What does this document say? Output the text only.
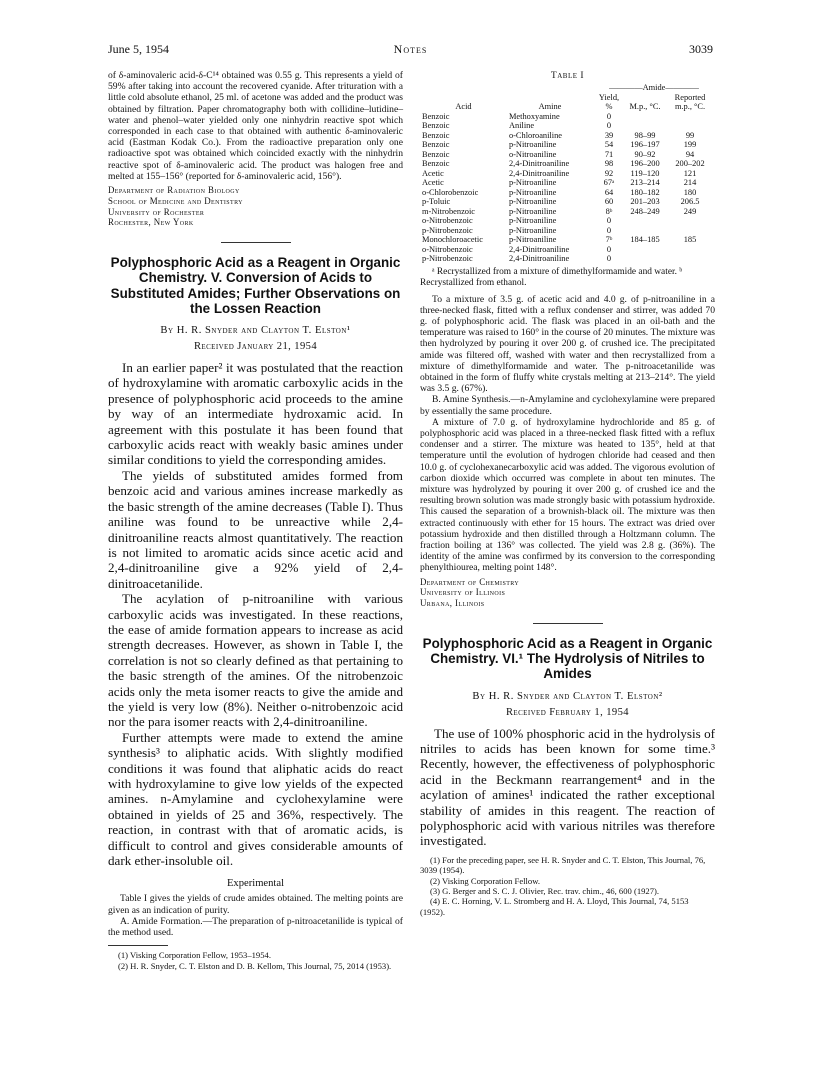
June 5, 1954	Notes	3039

of δ-aminovaleric acid-δ-C¹⁴ obtained was 0.55 g. This represents a yield of 59% after taking into account the recovered cyanide. After trituration with a little cold absolute ethanol, 25 ml. of acetone was added and the product was obtained by filtration. Paper chromatography both with collidine–lutidine–water and phenol–water yielded only one ninhydrin reactive spot which corresponded in each case to that obtained with authentic δ-aminovaleric acid (Eastman Kodak Co.). From the radioactive preparation only one radioactive spot was obtained which coincided exactly with the ninhydrin reactive spot of δ-aminovaleric acid. The product was halogen free and melted at 155–156° (reported for δ-aminovaleric acid, 156°).

Department of Radiation Biology
School of Medicine and Dentistry
University of Rochester
Rochester, New York
Polyphosphoric Acid as a Reagent in Organic Chemistry. V. Conversion of Acids to Substituted Amides; Further Observations on the Lossen Reaction
By H. R. Snyder and Clayton T. Elston¹
Received January 21, 1954

In an earlier paper² it was postulated that the reaction of hydroxylamine with aromatic carboxylic acids in the presence of polyphosphoric acid proceeds to the amine by way of an intermediate hydroxamic acid. In agreement with this postulate it has been found that carboxylic acids react with weakly basic amines under similar conditions to yield the corresponding amides.

The yields of substituted amides formed from benzoic acid and various amines increase markedly as the basic strength of the amine decreases (Table I). Thus aniline was found to be unreactive while 2,4-dinitroaniline reacts almost quantitatively. The reaction is not limited to aromatic acids since acetic acid and 2,4-dinitroaniline give a 92% yield of 2,4-dinitroacetanilide.

The acylation of p-nitroaniline with various carboxylic acids was investigated. In these reactions, the ease of amide formation appears to increase as acid strength decreases. However, as shown in Table I, the correlation is not so clearly defined as that pertaining to the basic strength of the amines. Of the nitrobenzoic acids only the meta isomer reacts to give the amide and the yield is very low (8%). Neither o-nitrobenzoic acid nor the para isomer reacts with 2,4-dinitroaniline.

Further attempts were made to extend the amine synthesis³ to aliphatic acids. With slightly modified conditions it was found that aliphatic acids do react with hydroxylamine to give low yields of the expected amines. n-Amylamine and cyclohexylamine were obtained in yields of 25 and 36%, respectively. The reaction, in contrast with that of aromatic acids, is difficult to control and gives considerable amounts of dark ether-insoluble oil.

Experimental

Table I gives the yields of crude amides obtained. The melting points are given as an indication of purity.

A. Amide Formation.—The preparation of p-nitroacetanilide is typical of the method used.

(1) Visking Corporation Fellow, 1953–1954.
(2) H. R. Snyder, C. T. Elston and D. B. Kellom, This Journal, 75, 2014 (1953).
Table I
		————Amide————		
Acid	Amine	Yield, %	M.p., °C.	Reported m.p., °C.
Benzoic	Methoxyamine	0		
Benzoic	Aniline	0		
Benzoic	o-Chloroaniline	39	98–99	99
Benzoic	p-Nitroaniline	54	196–197	199
Benzoic	o-Nitroaniline	71	90–92	94
Benzoic	2,4-Dinitroaniline	98	196–200	200–202
Acetic	2,4-Dinitroaniline	92	119–120	121
Acetic	p-Nitroaniline	67ᵃ	213–214	214
o-Chlorobenzoic	p-Nitroaniline	64	180–182	180
p-Toluic	p-Nitroaniline	60	201–203	206.5
m-Nitrobenzoic	p-Nitroaniline	8ᵇ	248–249	249
o-Nitrobenzoic	p-Nitroaniline	0		
p-Nitrobenzoic	p-Nitroaniline	0		
Monochloroacetic	p-Nitroaniline	7ᵇ	184–185	185
o-Nitrobenzoic	2,4-Dinitroaniline	0		
p-Nitrobenzoic	2,4-Dinitroaniline	0		
ᵃ Recrystallized from a mixture of dimethylformamide and water. ᵇ Recrystallized from ethanol.

To a mixture of 3.5 g. of acetic acid and 4.0 g. of p-nitroaniline in a three-necked flask, fitted with a reflux condenser and stirrer, was added 70 g. of polyphosphoric acid. The flask was placed in an oil-bath and the temperature was raised to 160° in the course of 20 minutes. The mixture was then hydrolyzed by pouring it over 200 g. of crushed ice. The precipitated amide was filtered off, washed with water and then recrystallized from a mixture of dimethylformamide and water. The p-nitroacetanilide was obtained in the form of fluffy white crystals melting at 213–214°. The yield was 3.5 g. (67%).

B. Amine Synthesis.—n-Amylamine and cyclohexylamine were prepared by essentially the same procedure.

A mixture of 7.0 g. of hydroxylamine hydrochloride and 85 g. of polyphosphoric acid was placed in a three-necked flask fitted with a reflux condenser and a stirrer. The mixture was heated to 135°, held at that temperature until the evolution of hydrogen chloride had ceased and then 10.0 g. of cyclohexanecarboxylic acid was added. The vigorous evolution of carbon dioxide which occurred was complete in about ten minutes. The mixture was hydrolyzed by pouring it over 200 g. of crushed ice and the resulting brown solution was made strongly basic with potassium hydroxide. This caused the separation of a brownish-black oil. The mixture was then extracted continuously with ether for 15 hours. The extract was dried over potassium hydroxide and then distilled through a Holtzmann column. The fraction boiling at 136° was collected. The yield was 2.8 g. (36%). The identity of the amine was confirmed by its conversion to the corresponding phenylthiourea, melting point 148°.

Department of Chemistry
University of Illinois
Urbana, Illinois
Polyphosphoric Acid as a Reagent in Organic Chemistry. VI.¹ The Hydrolysis of Nitriles to Amides
By H. R. Snyder and Clayton T. Elston²
Received February 1, 1954

The use of 100% phosphoric acid in the hydrolysis of nitriles to acids has been known for some time.³ Recently, however, the effectiveness of polyphosphoric acid in the Beckmann rearrangement⁴ and in the acylation of amines¹ indicated the rather exceptional stability of amides in this reagent. The reaction of polyphosphoric acid with various nitriles was therefore investigated.

(1) For the preceding paper, see H. R. Snyder and C. T. Elston, This Journal, 76, 3039 (1954).
(2) Visking Corporation Fellow.
(3) G. Berger and S. C. J. Olivier, Rec. trav. chim., 46, 600 (1927).
(4) E. C. Horning, V. L. Stromberg and H. A. Lloyd, This Journal, 74, 5153 (1952).
